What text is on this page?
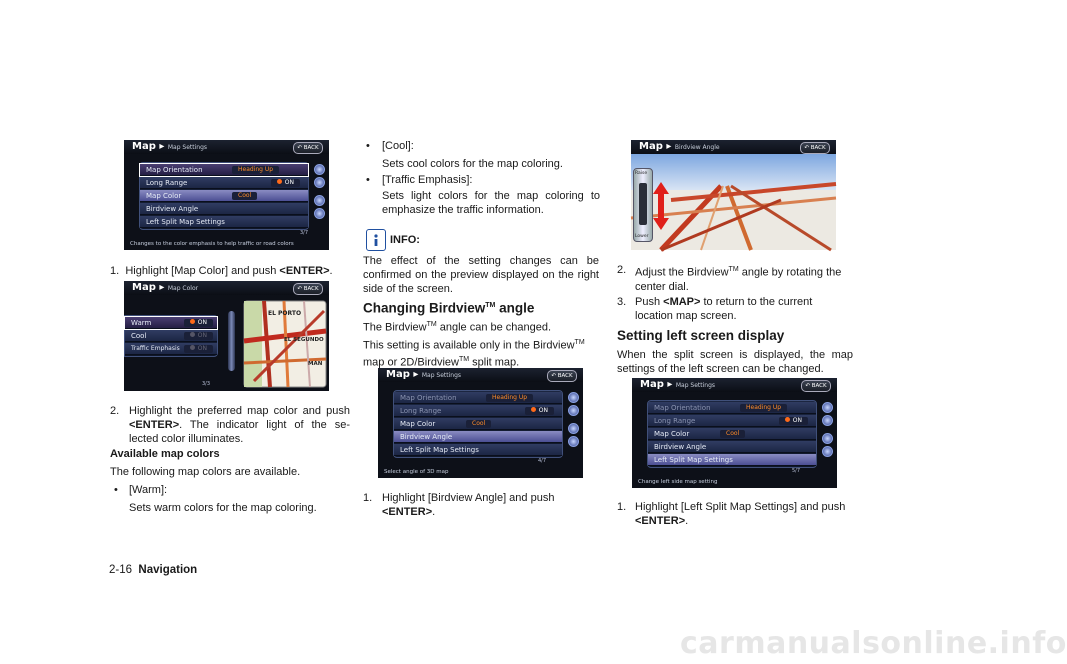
Map ▸ Map Settings	↶ BACK
Map Orientation	Heading Up
Long Range	ON
Map Color	Cool
Birdview Angle
Left Split Map Settings
3/7
Changes to the color emphasis to help traffic or road colors
Map ▸ Map Color	↶ BACK
Warm	ON
Cool	ON
Traffic Emphasis	ON
EL PORTO
EL SEGUNDO
MAN
3/3
Map ▸ Birdview Angle	↶ BACK
Raise
Lower
Map ▸ Map Settings	↶ BACK
Map Orientation	Heading Up
Long Range	ON
Map Color	Cool
Birdview Angle
Left Split Map Settings
4/7
Select angle of 3D map
Map ▸ Map Settings	↶ BACK
Map Orientation	Heading Up
Long Range	ON
Map Color	Cool
Birdview Angle
Left Split Map Settings
5/7
Change left side map setting
1. Highlight [Map Color] and push <ENTER>.
2. Highlight the preferred map color and push <ENTER>. The indicator light of the se-lected color illuminates.
Available map colors
The following map colors are available.
• [Warm]:
Sets warm colors for the map coloring.
• [Cool]:
Sets cool colors for the map coloring.
• [Traffic Emphasis]:
Sets light colors for the map coloring to emphasize the traffic information.
INFO:
The effect of the setting changes can be confirmed on the preview displayed on the right side of the screen.
Changing Birdview™ angle
The Birdview™ angle can be changed.
This setting is available only in the Birdview™
map or 2D/Birdview™ split map.
1. Highlight [Birdview Angle] and push
<ENTER>.
2. Adjust the Birdview™ angle by rotating the center dial.
3. Push <MAP> to return to the current location map screen.
Setting left screen display
When the split screen is displayed, the map settings of the left screen can be changed.
1. Highlight [Left Split Map Settings] and push
<ENTER>.
2-16 Navigation
carmanualsonline.info
